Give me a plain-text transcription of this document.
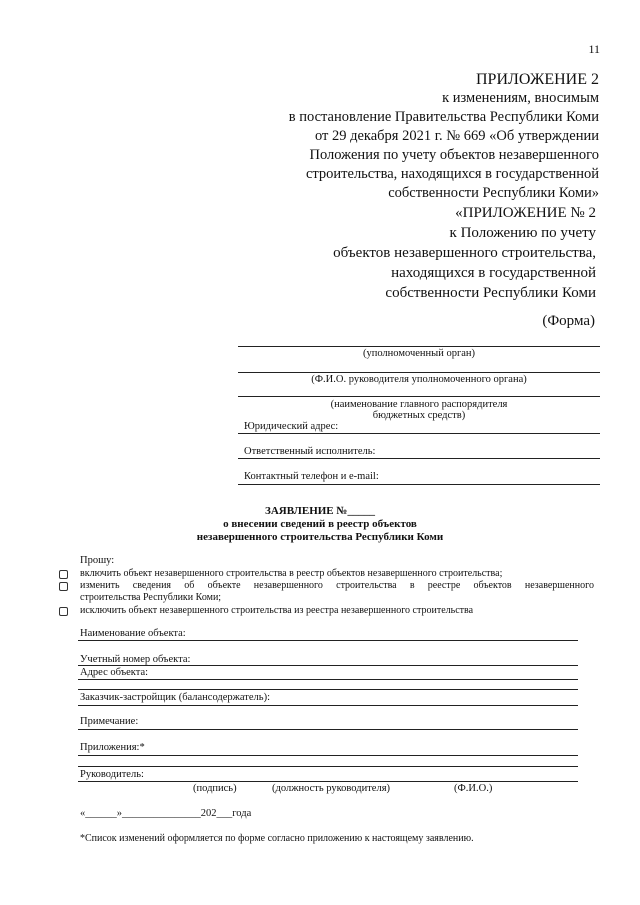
11
ПРИЛОЖЕНИЕ 2
к изменениям, вносимым
в постановление Правительства Республики Коми
от 29 декабря 2021 г. № 669 «Об утверждении
Положения по учету объектов незавершенного
строительства, находящихся в государственной
собственности Республики Коми»
«ПРИЛОЖЕНИЕ № 2
к Положению по учету
объектов незавершенного строительства,
находящихся в государственной
собственности Республики Коми
(Форма)
(уполномоченный орган)
(Ф.И.О. руководителя уполномоченного органа)
(наименование главного распорядителя
бюджетных средств)
Юридический адрес:
Ответственный исполнитель:
Контактный телефон и e-mail:
ЗАЯВЛЕНИЕ №_____
о внесении сведений в реестр объектов
незавершенного строительства Республики Коми
Прошу:
включить объект незавершенного строительства в реестр объектов незавершенного строительства;
изменить сведения об объекте незавершенного строительства в реестре объектов незавершенного
строительства Республики Коми;
исключить объект незавершенного строительства из реестра незавершенного строительства
Наименование объекта:
Учетный номер объекта:
Адрес объекта:
Заказчик-застройщик (балансодержатель):
Примечание:
Приложения:*
Руководитель:
(подпись)	(должность руководителя)	(Ф.И.О.)
«______»_______________202___года
*Список изменений оформляется по форме согласно приложению к настоящему заявлению.
